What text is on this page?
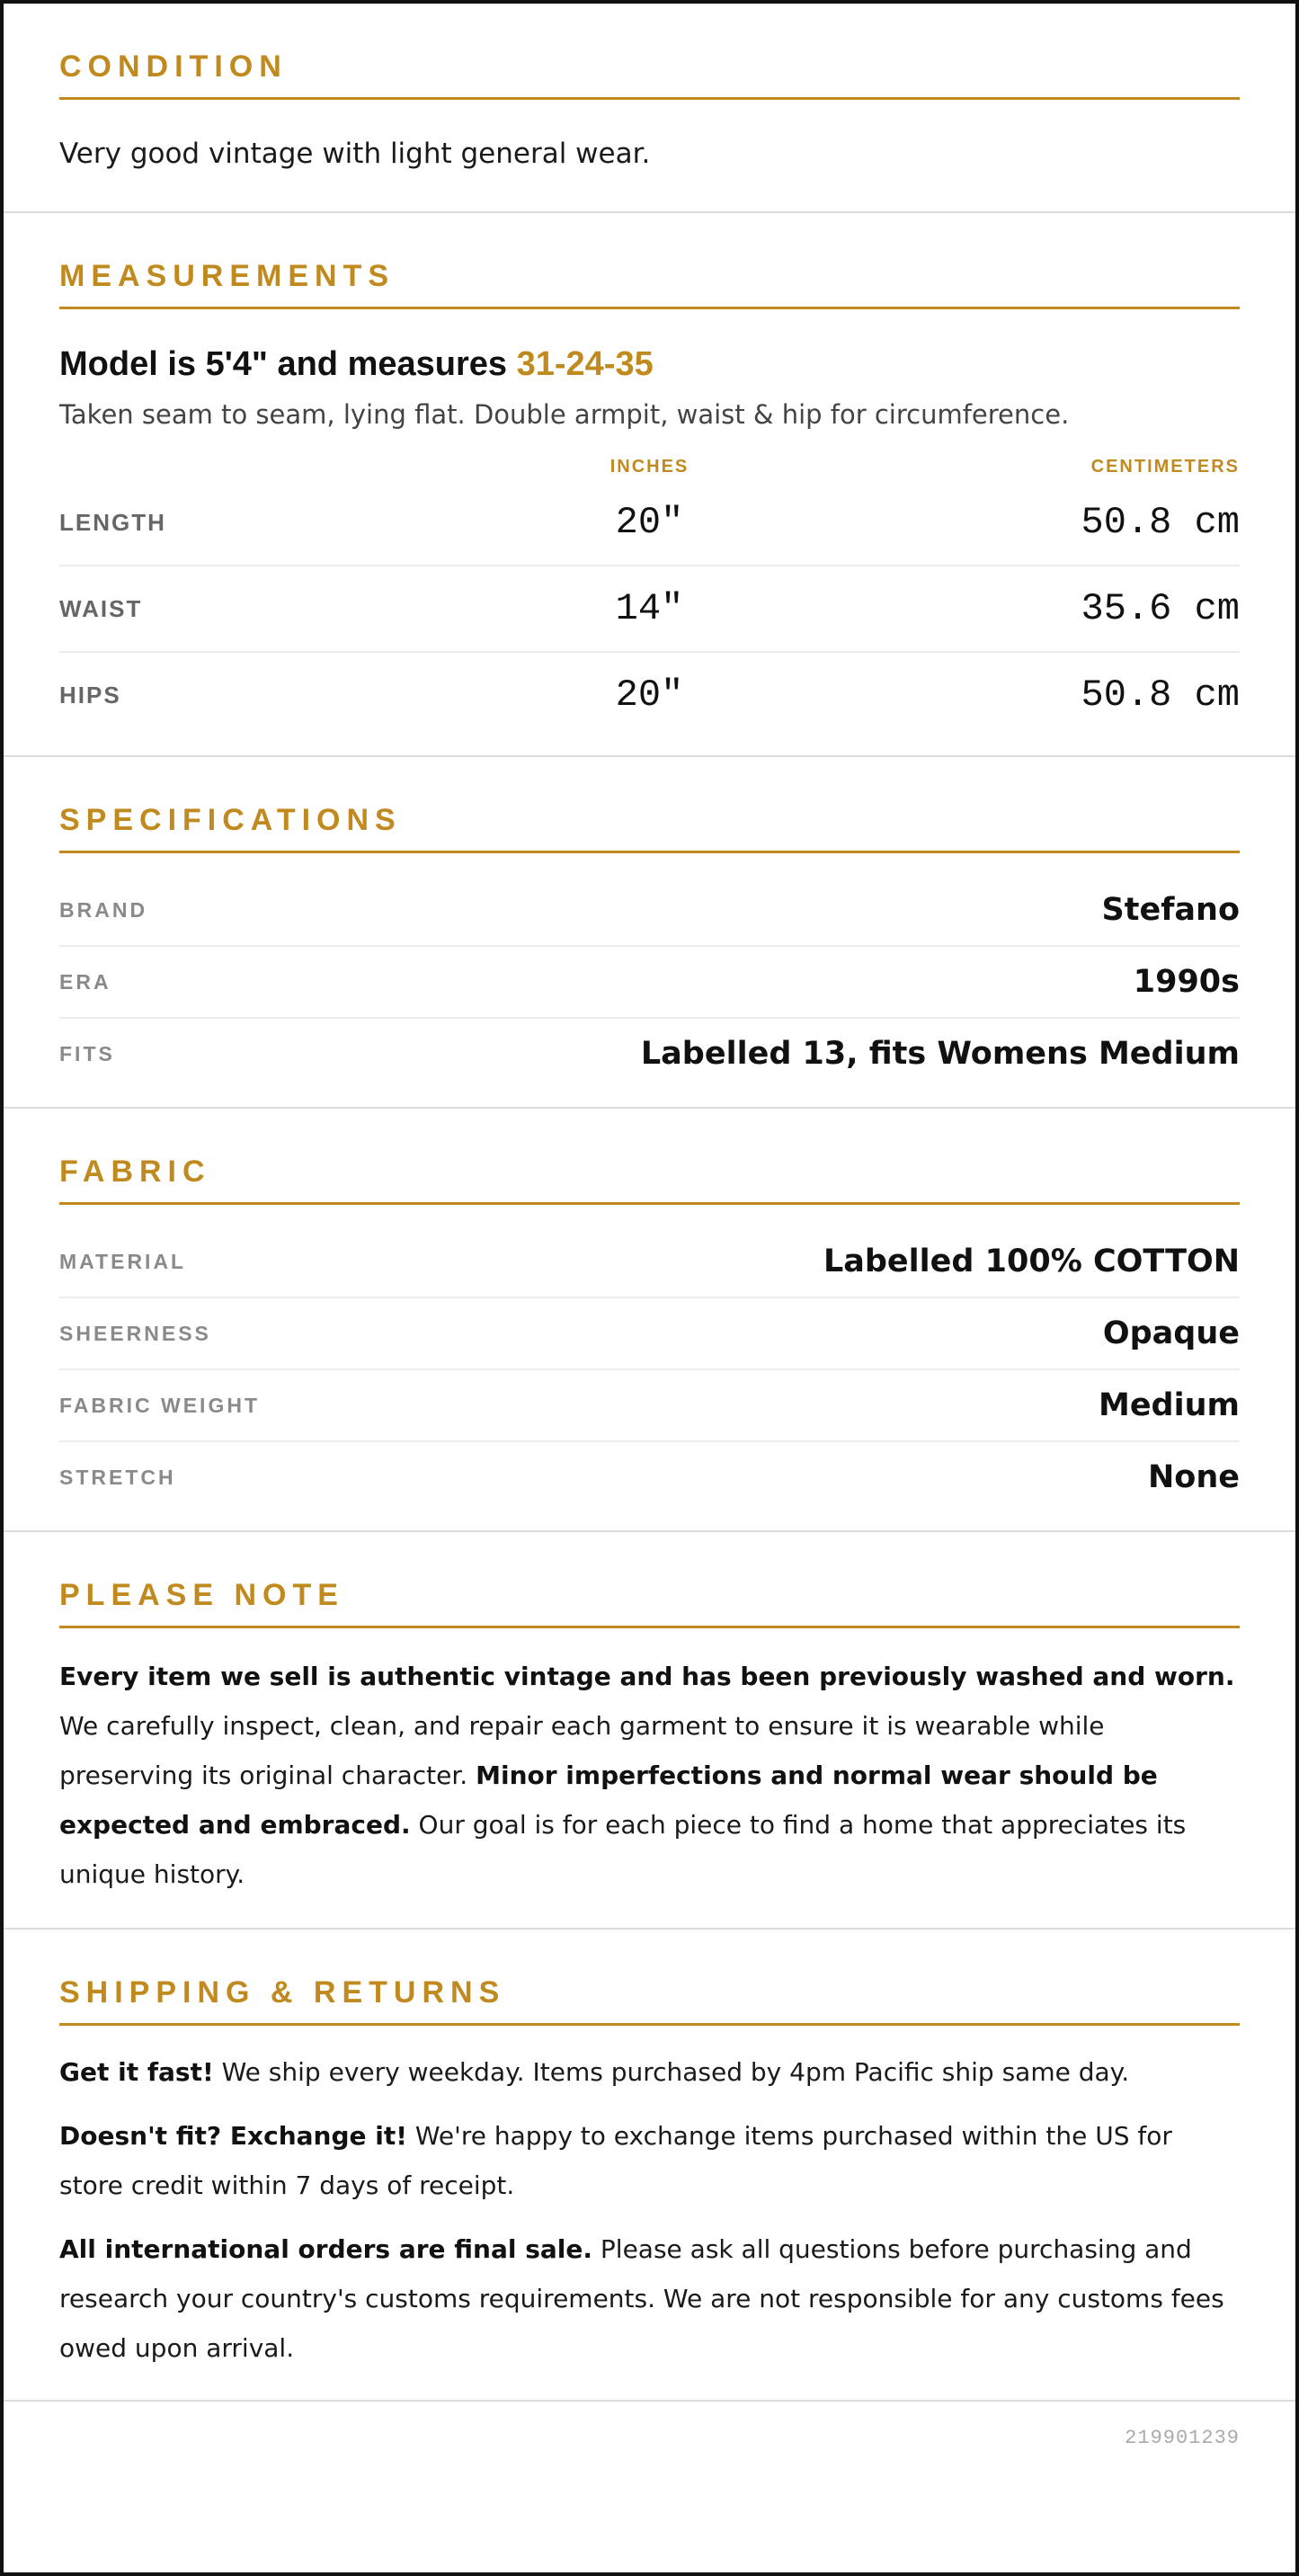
CONDITION

Very good vintage with light general wear.

MEASUREMENTS

Model is 5'4" and measures 31-24-35

Taken seam to seam, lying flat. Double armpit, waist & hip for circumference.

INCHES	CENTIMETERS
LENGTH	20"	50.8 cm
WAIST	14"	35.6 cm
HIPS	20"	50.8 cm
SPECIFICATIONS
BRAND	Stefano
ERA	1990s
FITS	Labelled 13, fits Womens Medium
FABRIC
MATERIAL	Labelled 100% COTTON
SHEERNESS	Opaque
FABRIC WEIGHT	Medium
STRETCH	None
PLEASE NOTE

Every item we sell is authentic vintage and has been previously washed and worn. We carefully inspect, clean, and repair each garment to ensure it is wearable while preserving its original character. Minor imperfections and normal wear should be expected and embraced. Our goal is for each piece to find a home that appreciates its unique history.

SHIPPING & RETURNS

Get it fast! We ship every weekday. Items purchased by 4pm Pacific ship same day.

Doesn't fit? Exchange it! We're happy to exchange items purchased within the US for store credit within 7 days of receipt.

All international orders are final sale. Please ask all questions before purchasing and research your country's customs requirements. We are not responsible for any customs fees owed upon arrival.

219901239
